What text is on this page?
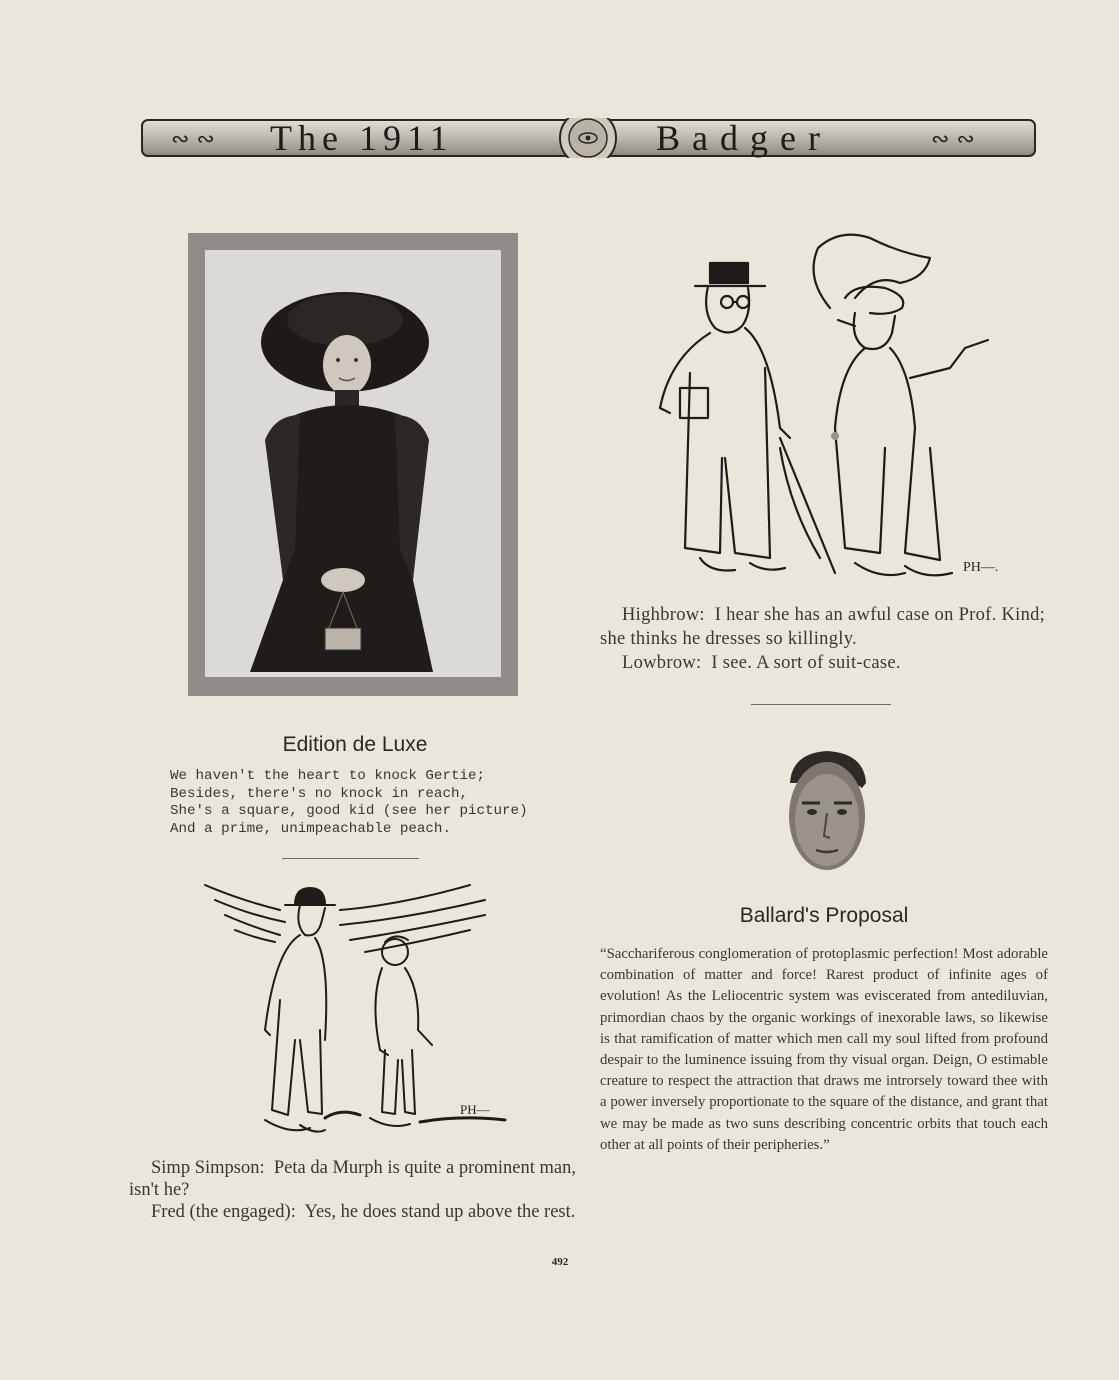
∾ ∾	∾ ∾
The 1911	Badger
PH—.

Highbrow: I hear she has an awful case on Prof. Kind; she thinks he dresses so killingly.

Lowbrow: I see. A sort of suit-case.

Edition de Luxe
We haven't the heart to knock Gertie;
Besides, there's no knock in reach,
She's a square, good kid (see her picture)
And a prime, unimpeachable peach.
Ballard's Proposal

“Sacchariferous conglomeration of protoplasmic perfection! Most adorable combination of matter and force! Rarest product of infinite ages of evolution! As the Leliocentric system was eviscerated from antediluvian, primordian chaos by the organic workings of inexorable laws, so likewise is that ramification of matter which men call my soul lifted from profound despair to the luminence issuing from thy visual organ. Deign, O estimable creature to respect the attraction that draws me introrsely toward thee with a power inversely proportionate to the square of the distance, and grant that we may be made as two suns describing concentric orbits that touch each other at all points of their peripheries.”

PH—

Simp Simpson: Peta da Murph is quite a prominent man, isn't he?

Fred (the engaged): Yes, he does stand up above the rest.

492
